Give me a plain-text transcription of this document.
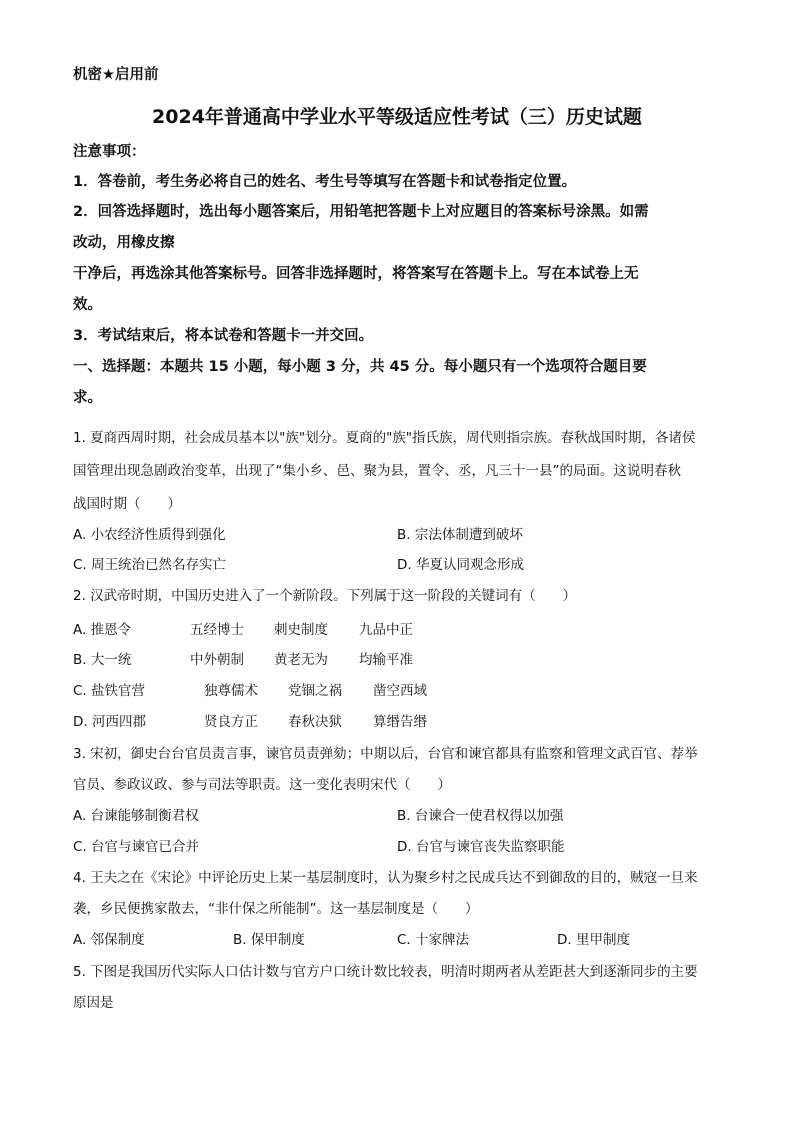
机密★启用前
2024年普通高中学业水平等级适应性考试（三）历史试题
注意事项：
1．答卷前，考生务必将自己的姓名、考生号等填写在答题卡和试卷指定位置。
2．回答选择题时，选出每小题答案后，用铅笔把答题卡上对应题目的答案标号涂黑。如需
改动，用橡皮擦
干净后，再选涂其他答案标号。回答非选择题时，将答案写在答题卡上。写在本试卷上无
效。
3．考试结束后，将本试卷和答题卡一并交回。
一、选择题：本题共 15 小题，每小题 3 分，共 45 分。每小题只有一个选项符合题目要
求。
1. 夏商西周时期，社会成员基本以"族"划分。夏商的"族"指氏族，周代则指宗族。春秋战国时期，各诸侯
国管理出现急剧政治变革，出现了“集小乡、邑、聚为县，置令、丞，凡三十一县”的局面。这说明春秋
战国时期（　　）
A. 小农经济性质得到强化	B. 宗法体制遭到破坏
C. 周王统治已然名存实亡	D. 华夏认同观念形成
2. 汉武帝时期，中国历史进入了一个新阶段。下列属于这一阶段的关键词有（　　）
A. 推恩令	五经博士 刺史制度 九品中正
B. 大一统	中外朝制 黄老无为 均输平准
C. 盐铁官营	独尊儒术 党锢之祸 凿空西域
D. 河西四郡	贤良方正 春秋决狱 算缗告缗
3. 宋初，御史台台官员责言事，谏官员责弹劾；中期以后，台官和谏官都具有监察和管理文武百官、荐举
官员、参政议政、参与司法等职责。这一变化表明宋代（　　）
A. 台谏能够制衡君权	B. 台谏合一使君权得以加强
C. 台官与谏官已合并	D. 台官与谏官丧失监察职能
4. 王夫之在《宋论》中评论历史上某一基层制度时，认为聚乡村之民成兵达不到御敌的目的，贼寇一旦来
袭，乡民便携家散去，“非什保之所能制”。这一基层制度是（　　）
A. 邻保制度	B. 保甲制度	C. 十家牌法	D. 里甲制度
5. 下图是我国历代实际人口估计数与官方户口统计数比较表，明清时期两者从差距甚大到逐渐同步的主要
原因是
